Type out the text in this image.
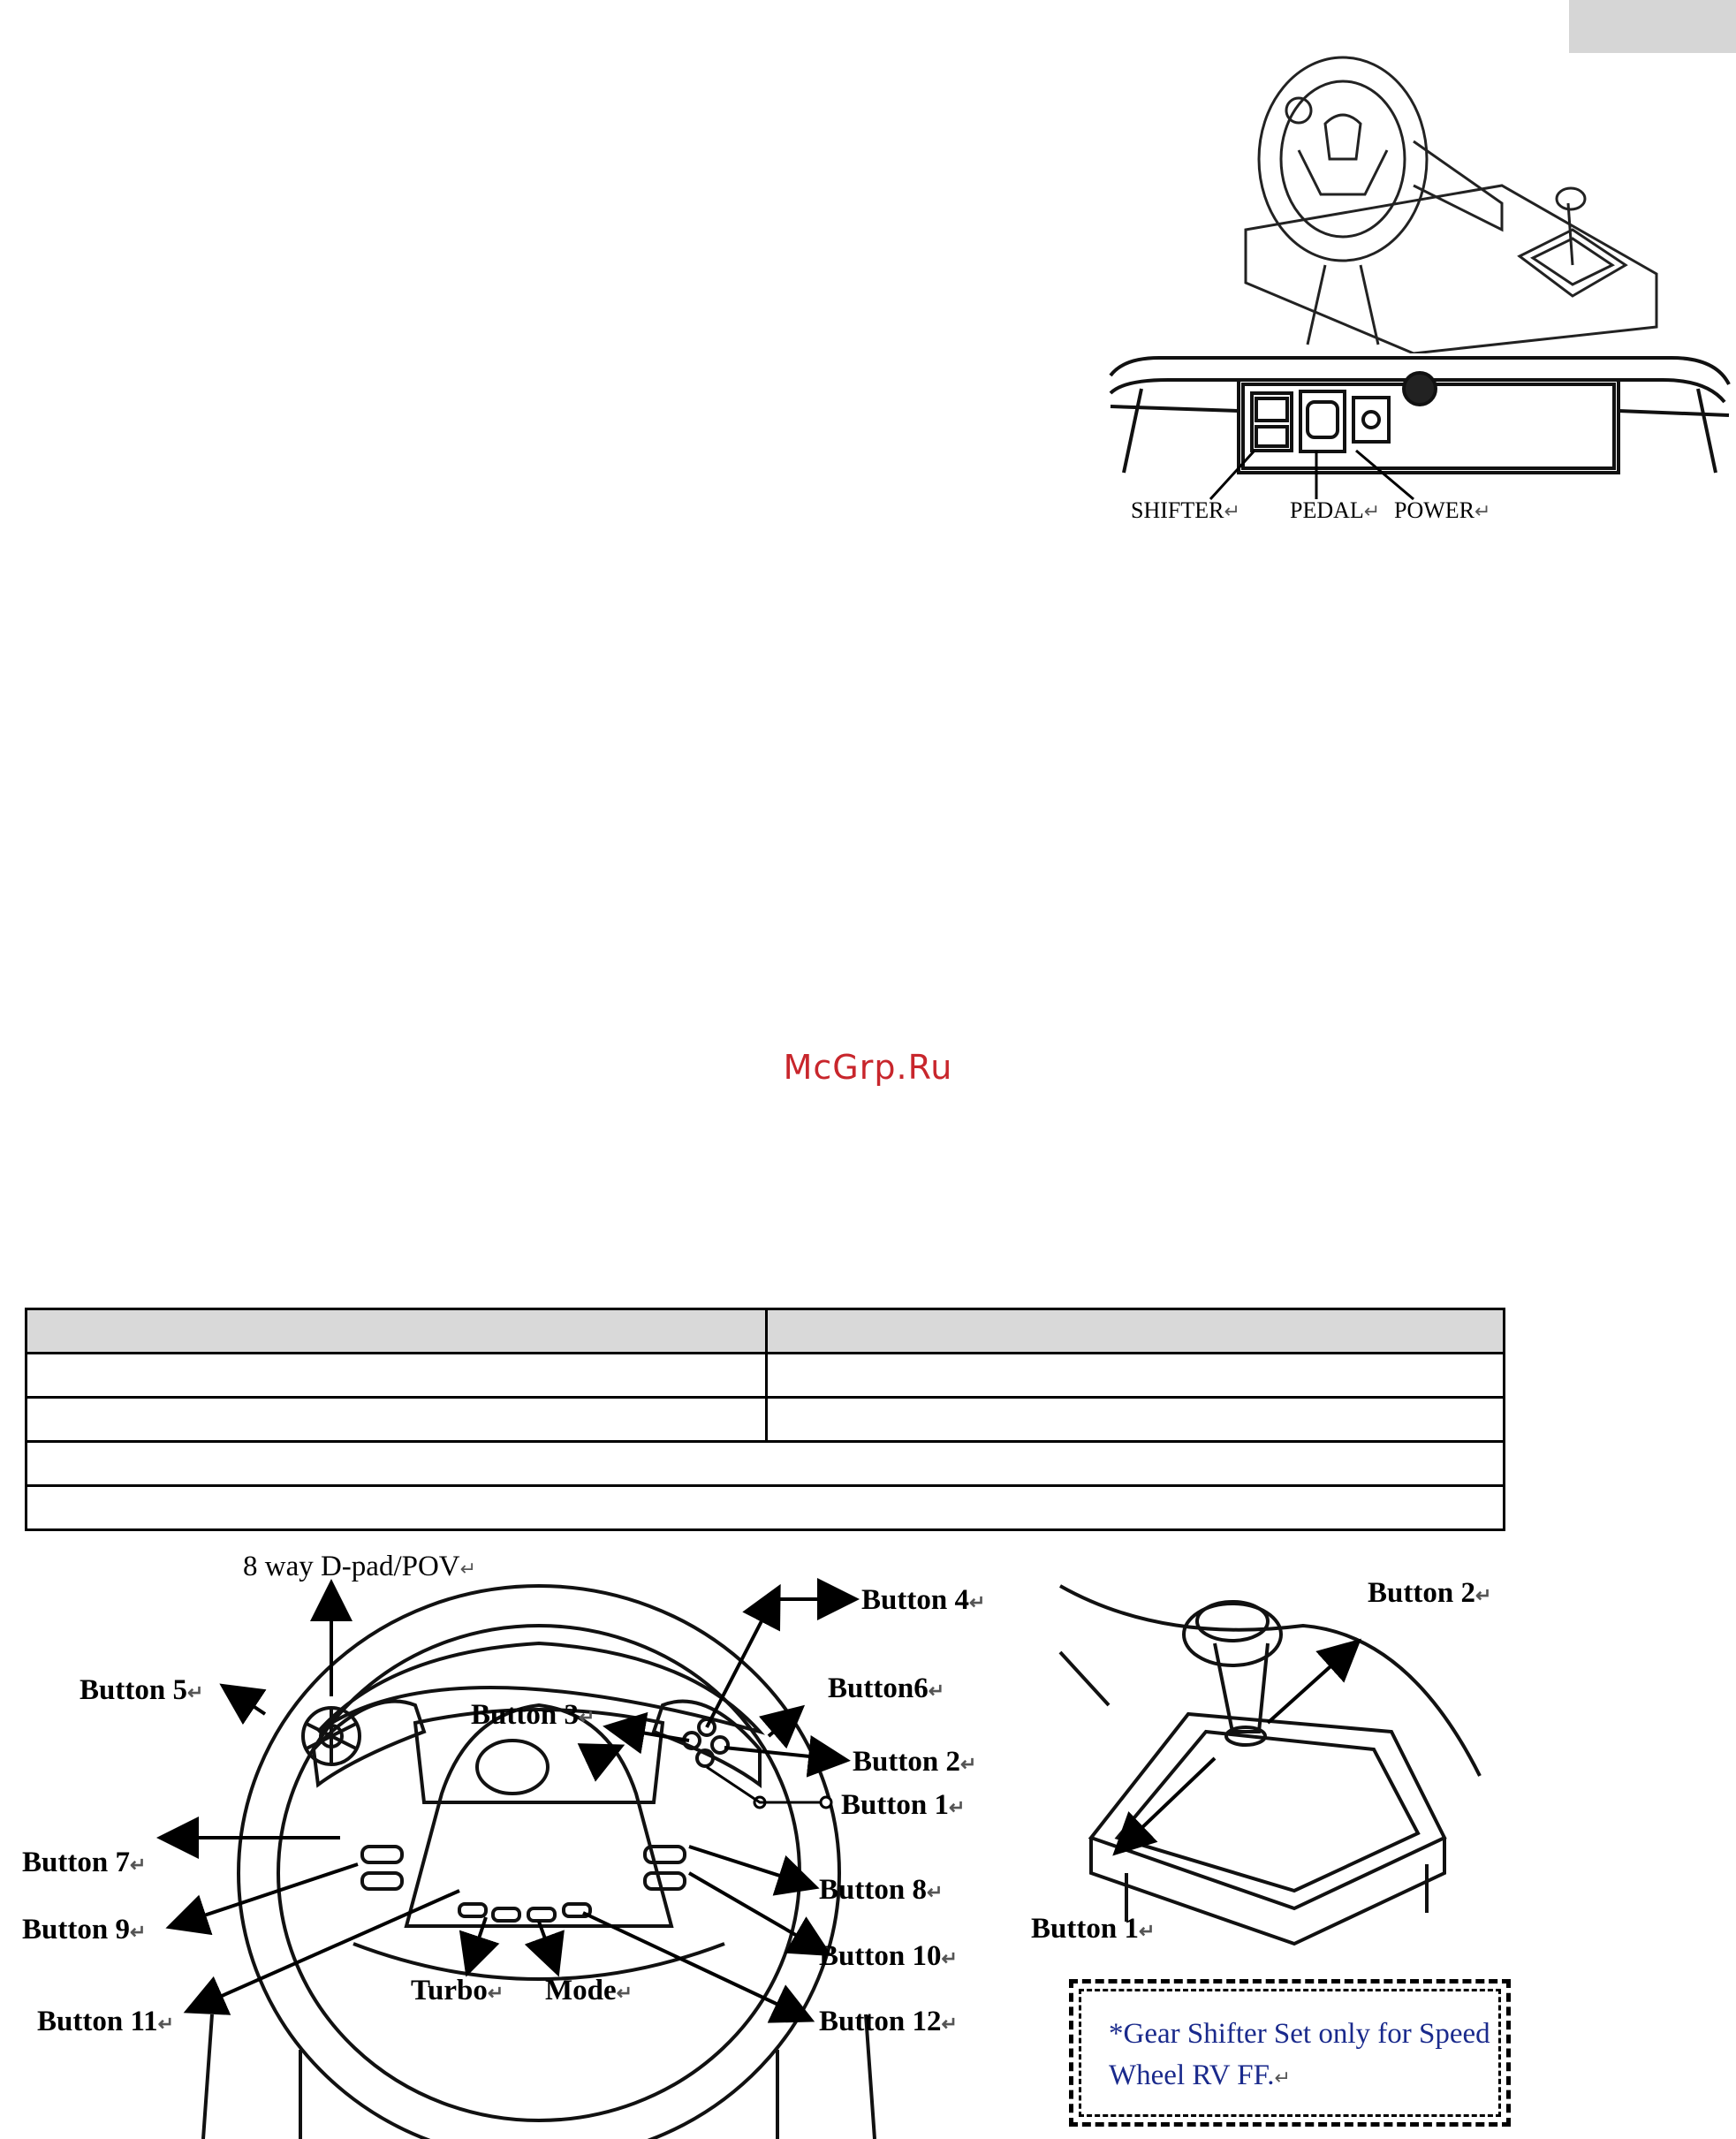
SHIFTER↵ PEDAL↵ POWER↵
McGrp.Ru

8 way D-pad/POV↵
Button 4↵
Button 5↵	Button6↵
Button 3↵
Button 2↵
Button 1↵
Button 7↵
Button 8↵
Button 9↵
Button 10↵
Turbo↵ Mode↵
Button 11↵	Button 12↵
Button 2↵
Button 1↵
*Gear Shifter Set only for Speed Wheel RV FF.↵
